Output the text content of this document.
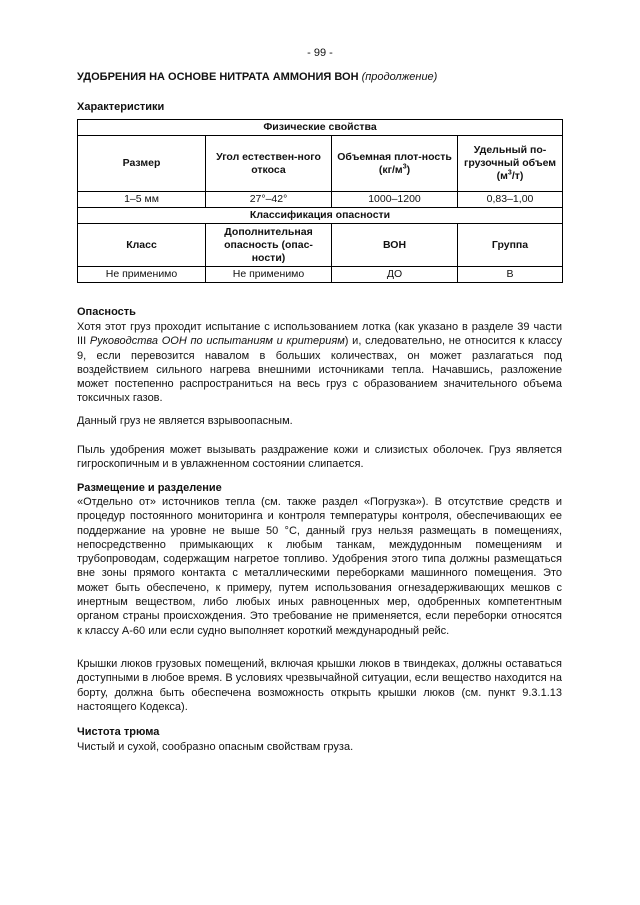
- 99 -
УДОБРЕНИЯ НА ОСНОВЕ НИТРАТА АММОНИЯ ВОН (продолжение)
Характеристики
Физические свойства			
Размер	Угол естествен-ного откоса	Объемная плот-ность $(кг/м^3)$	Удельный по-грузочный объем $(м^3/т)$
1–5 мм	27°–42°	1000–1200	0,83–1,00
Классификация опасности			
Класс	Дополнительная опасность (опас-ности)	ВОН	Группа
Не применимо	Не применимо	ДО	B
Опасность

Хотя этот груз проходит испытание с использованием лотка (как указано в разделе 39 части III Руководства ООН по испытаниям и критериям) и, следовательно, не относится к классу 9, если перевозится навалом в больших количествах, он может разлагаться под воздействием сильного нагрева внешними источниками тепла. Начавшись, разложение может постепенно распространиться на весь груз с образованием значительного объема токсичных газов.

Данный груз не является взрывоопасным.

Пыль удобрения может вызывать раздражение кожи и слизистых оболочек. Груз является гигроскопичным и в увлажненном состоянии слипается.

Размещение и разделение

«Отдельно от» источников тепла (см. также раздел «Погрузка»). В отсутствие средств и процедур постоянного мониторинга и контроля температуры контроля, обеспечивающих ее поддержание на уровне не выше 50 °C, данный груз нельзя размещать в помещениях, непосредственно примыкающих к любым танкам, междудонным помещениям и трубопроводам, содержащим нагретое топливо. Удобрения этого типа должны размещаться вне зоны прямого контакта с металлическими переборками машинного помещения. Это может быть обеспечено, к примеру, путем использования огнезадерживающих мешков с инертным веществом, либо любых иных равноценных мер, одобренных компетентным органом страны происхождения. Это требование не применяется, если переборки относятся к классу A-60 или если судно выполняет короткий международный рейс.

Крышки люков грузовых помещений, включая крышки люков в твиндеках, должны оставаться доступными в любое время. В условиях чрезвычайной ситуации, если вещество находится на борту, должна быть обеспечена возможность открыть крышки люков (см. пункт 9.3.1.13 настоящего Кодекса).

Чистота трюма

Чистый и сухой, сообразно опасным свойствам груза.
